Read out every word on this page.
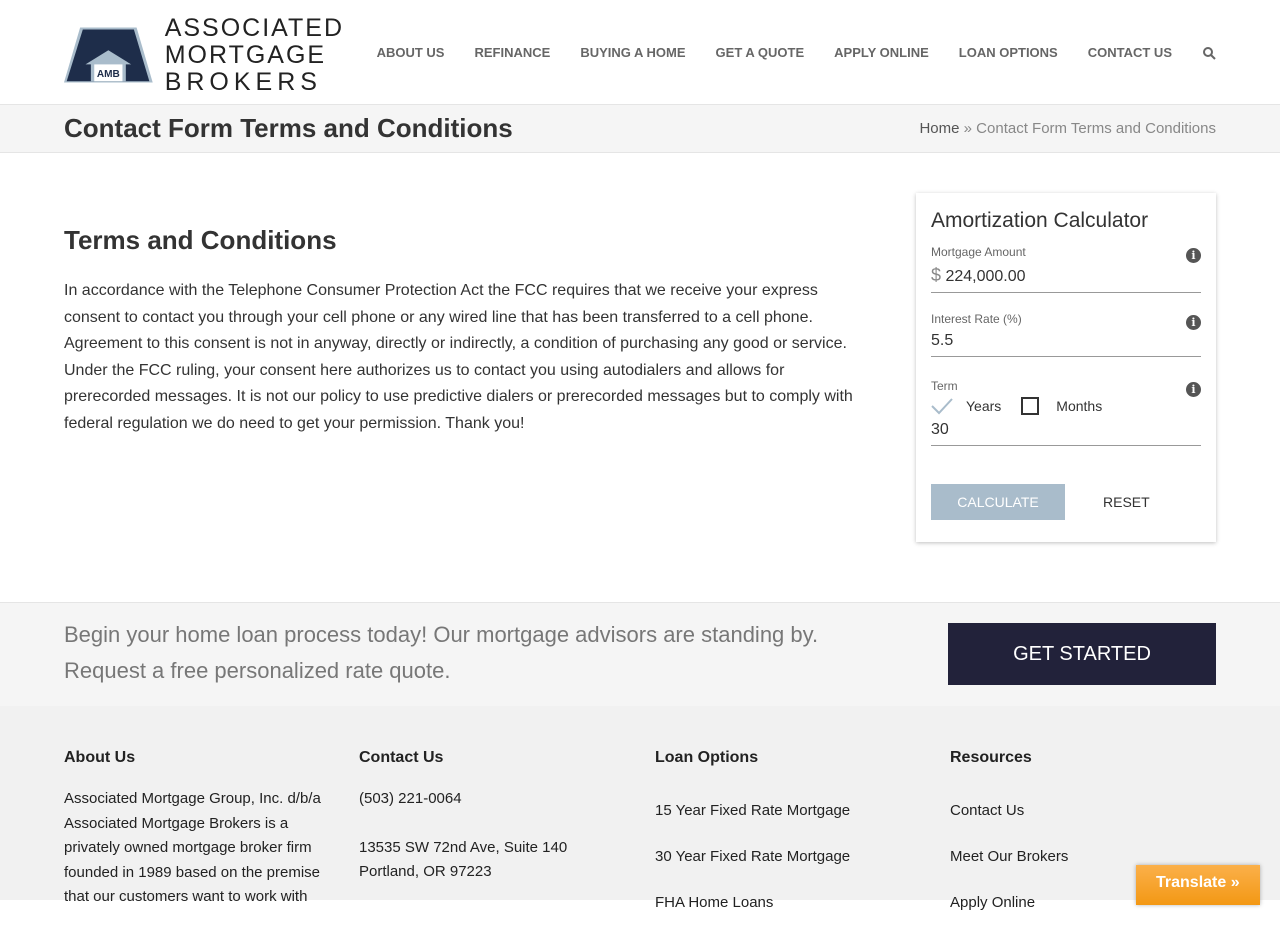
AMB
ASSOCIATED
MORTGAGE
BROKERS
ABOUT US REFINANCE BUYING A HOME GET A QUOTE APPLY ONLINE LOAN OPTIONS CONTACT US
Contact Form Terms and Conditions	Home » Contact Form Terms and Conditions
Terms and Conditions

In accordance with the Telephone Consumer Protection Act the FCC requires that we receive your express consent to contact you through your cell phone or any wired line that has been transferred to a cell phone. Agreement to this consent is not in anyway, directly or indirectly, a condition of purchasing any good or service. Under the FCC ruling, your consent here authorizes us to contact you using autodialers and allows for prerecorded messages. It is not our policy to use predictive dialers or prerecorded messages but to comply with federal regulation we do need to get your permission. Thank you!

Amortization Calculator
Mortgage Amount
$ 224,000.00
i
Interest Rate (%)
5.5
i
Term
Years	Months
30
i
CALCULATE	RESET

Begin your home loan process today! Our mortgage advisors are standing by. Request a free personalized rate quote.

GET STARTED
About Us

Associated Mortgage Group, Inc. d/b/a Associated Mortgage Brokers is a privately owned mortgage broker firm founded in 1989 based on the premise that our customers want to work with

Contact Us

(503) 221-0064

13535 SW 72nd Ave, Suite 140

Portland, OR 97223

Loan Options
15 Year Fixed Rate Mortgage
30 Year Fixed Rate Mortgage
FHA Home Loans
Resources
Contact Us
Meet Our Brokers
Apply Online
Translate »
